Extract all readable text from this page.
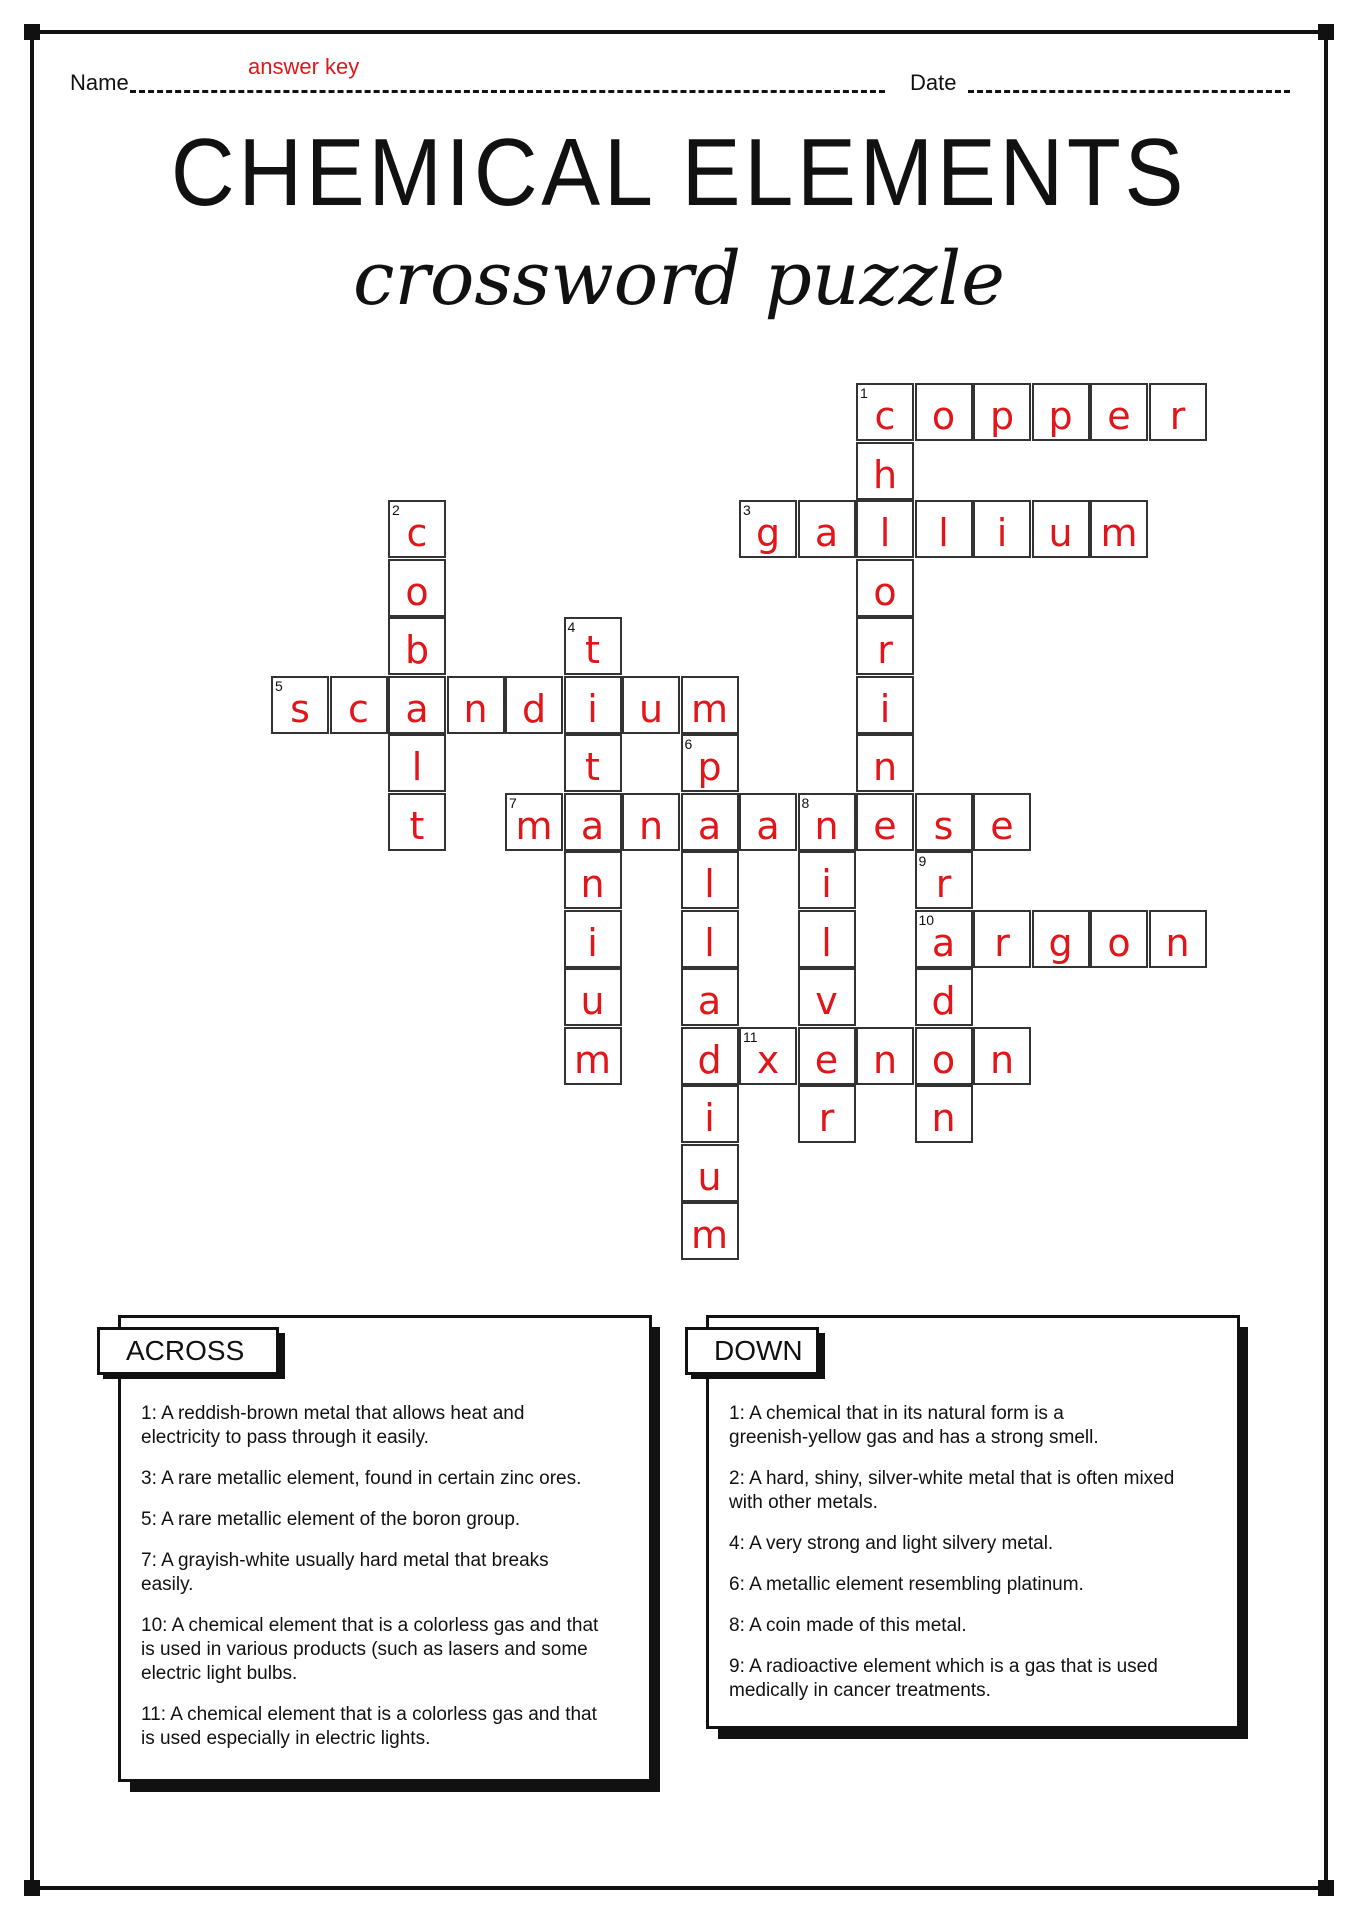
Name
answer key
Date
CHEMICAL ELEMENTS
crossword puzzle
1
c o p p e	r
h
l
o
r
i
n
e
2
c
o
b
a
l
t
3
g a	l	i	u m
4
t
i
t
a
n
i
u
m
5
s	c	n d	u m
6
p
a
l
l
a
d
i
u
m
7
m	n	a
8
n	s e
i
l
v
e
r
9
r
10
a
d
o
n
r	g o n
11
x	n	n
1: A reddish-brown metal that allows heat and
electricity to pass through it easily.
3: A rare metallic element, found in certain zinc ores.
5: A rare metallic element of the boron group.
7: A grayish-white usually hard metal that breaks
easily.
10: A chemical element that is a colorless gas and that
is used in various products (such as lasers and some
electric light bulbs.
11: A chemical element that is a colorless gas and that
is used especially in electric lights.
ACROSS
1: A chemical that in its natural form is a
greenish-yellow gas and has a strong smell.
2: A hard, shiny, silver-white metal that is often mixed
with other metals.
4: A very strong and light silvery metal.
6: A metallic element resembling platinum.
8: A coin made of this metal.
9: A radioactive element which is a gas that is used
medically in cancer treatments.
DOWN
